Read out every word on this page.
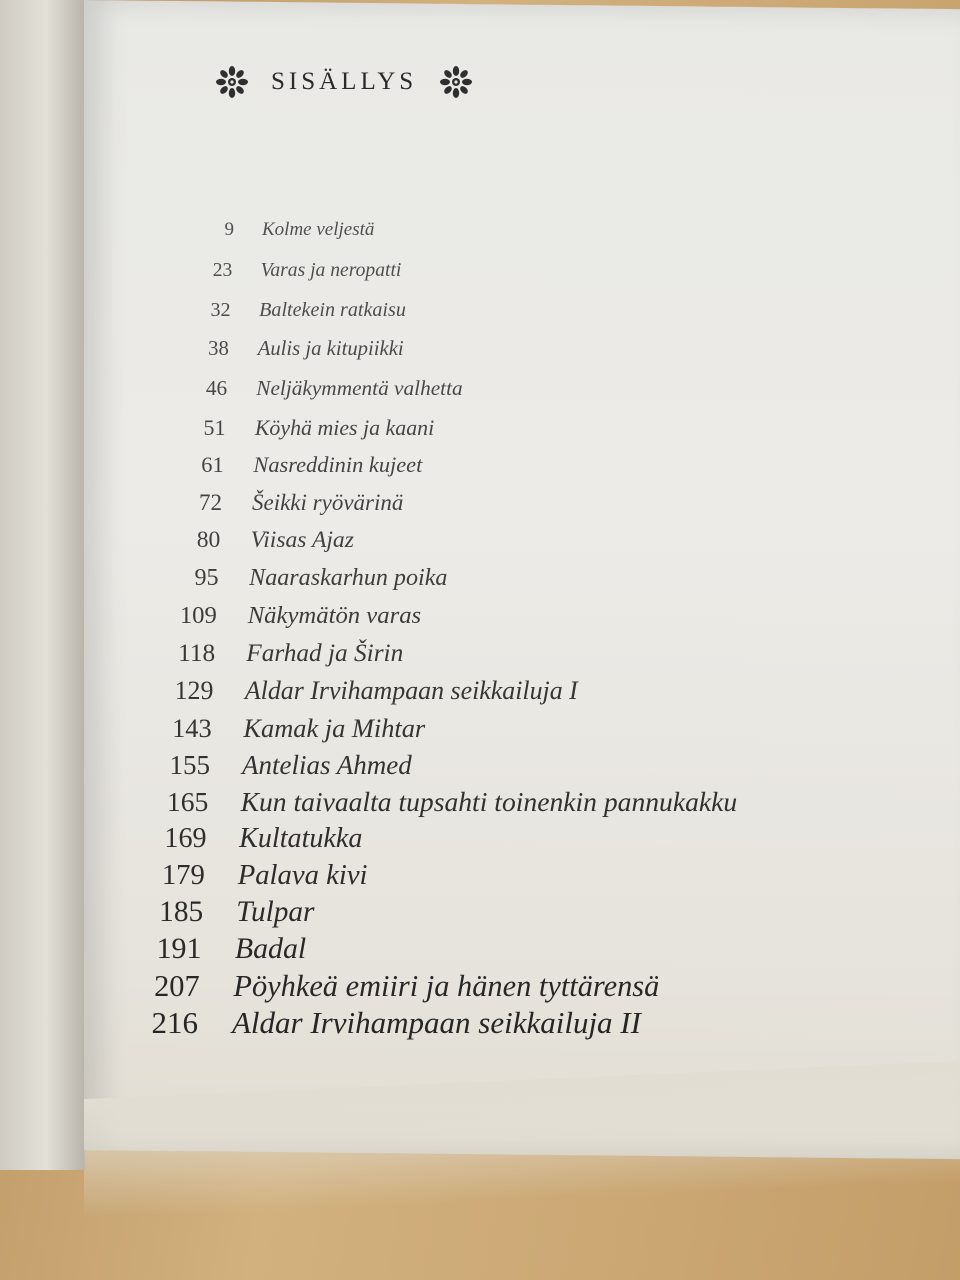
SISÄLLYS
9 Kolme veljestä
23 Varas ja neropatti
32 Baltekein ratkaisu
38 Aulis ja kitupiikki
46 Neljäkymmentä valhetta
51 Köyhä mies ja kaani
61 Nasreddinin kujeet
72 Šeikki ryövärinä
80 Viisas Ajaz
95 Naaraskarhun poika
109 Näkymätön varas
118 Farhad ja Širin
129 Aldar Irvihampaan seikkailuja I
143 Kamak ja Mihtar
155 Antelias Ahmed
165 Kun taivaalta tupsahti toinenkin pannukakku
169 Kultatukka
179 Palava kivi
185 Tulpar
191 Badal
207 Pöyhkeä emiiri ja hänen tyttärensä
216 Aldar Irvihampaan seikkailuja II
